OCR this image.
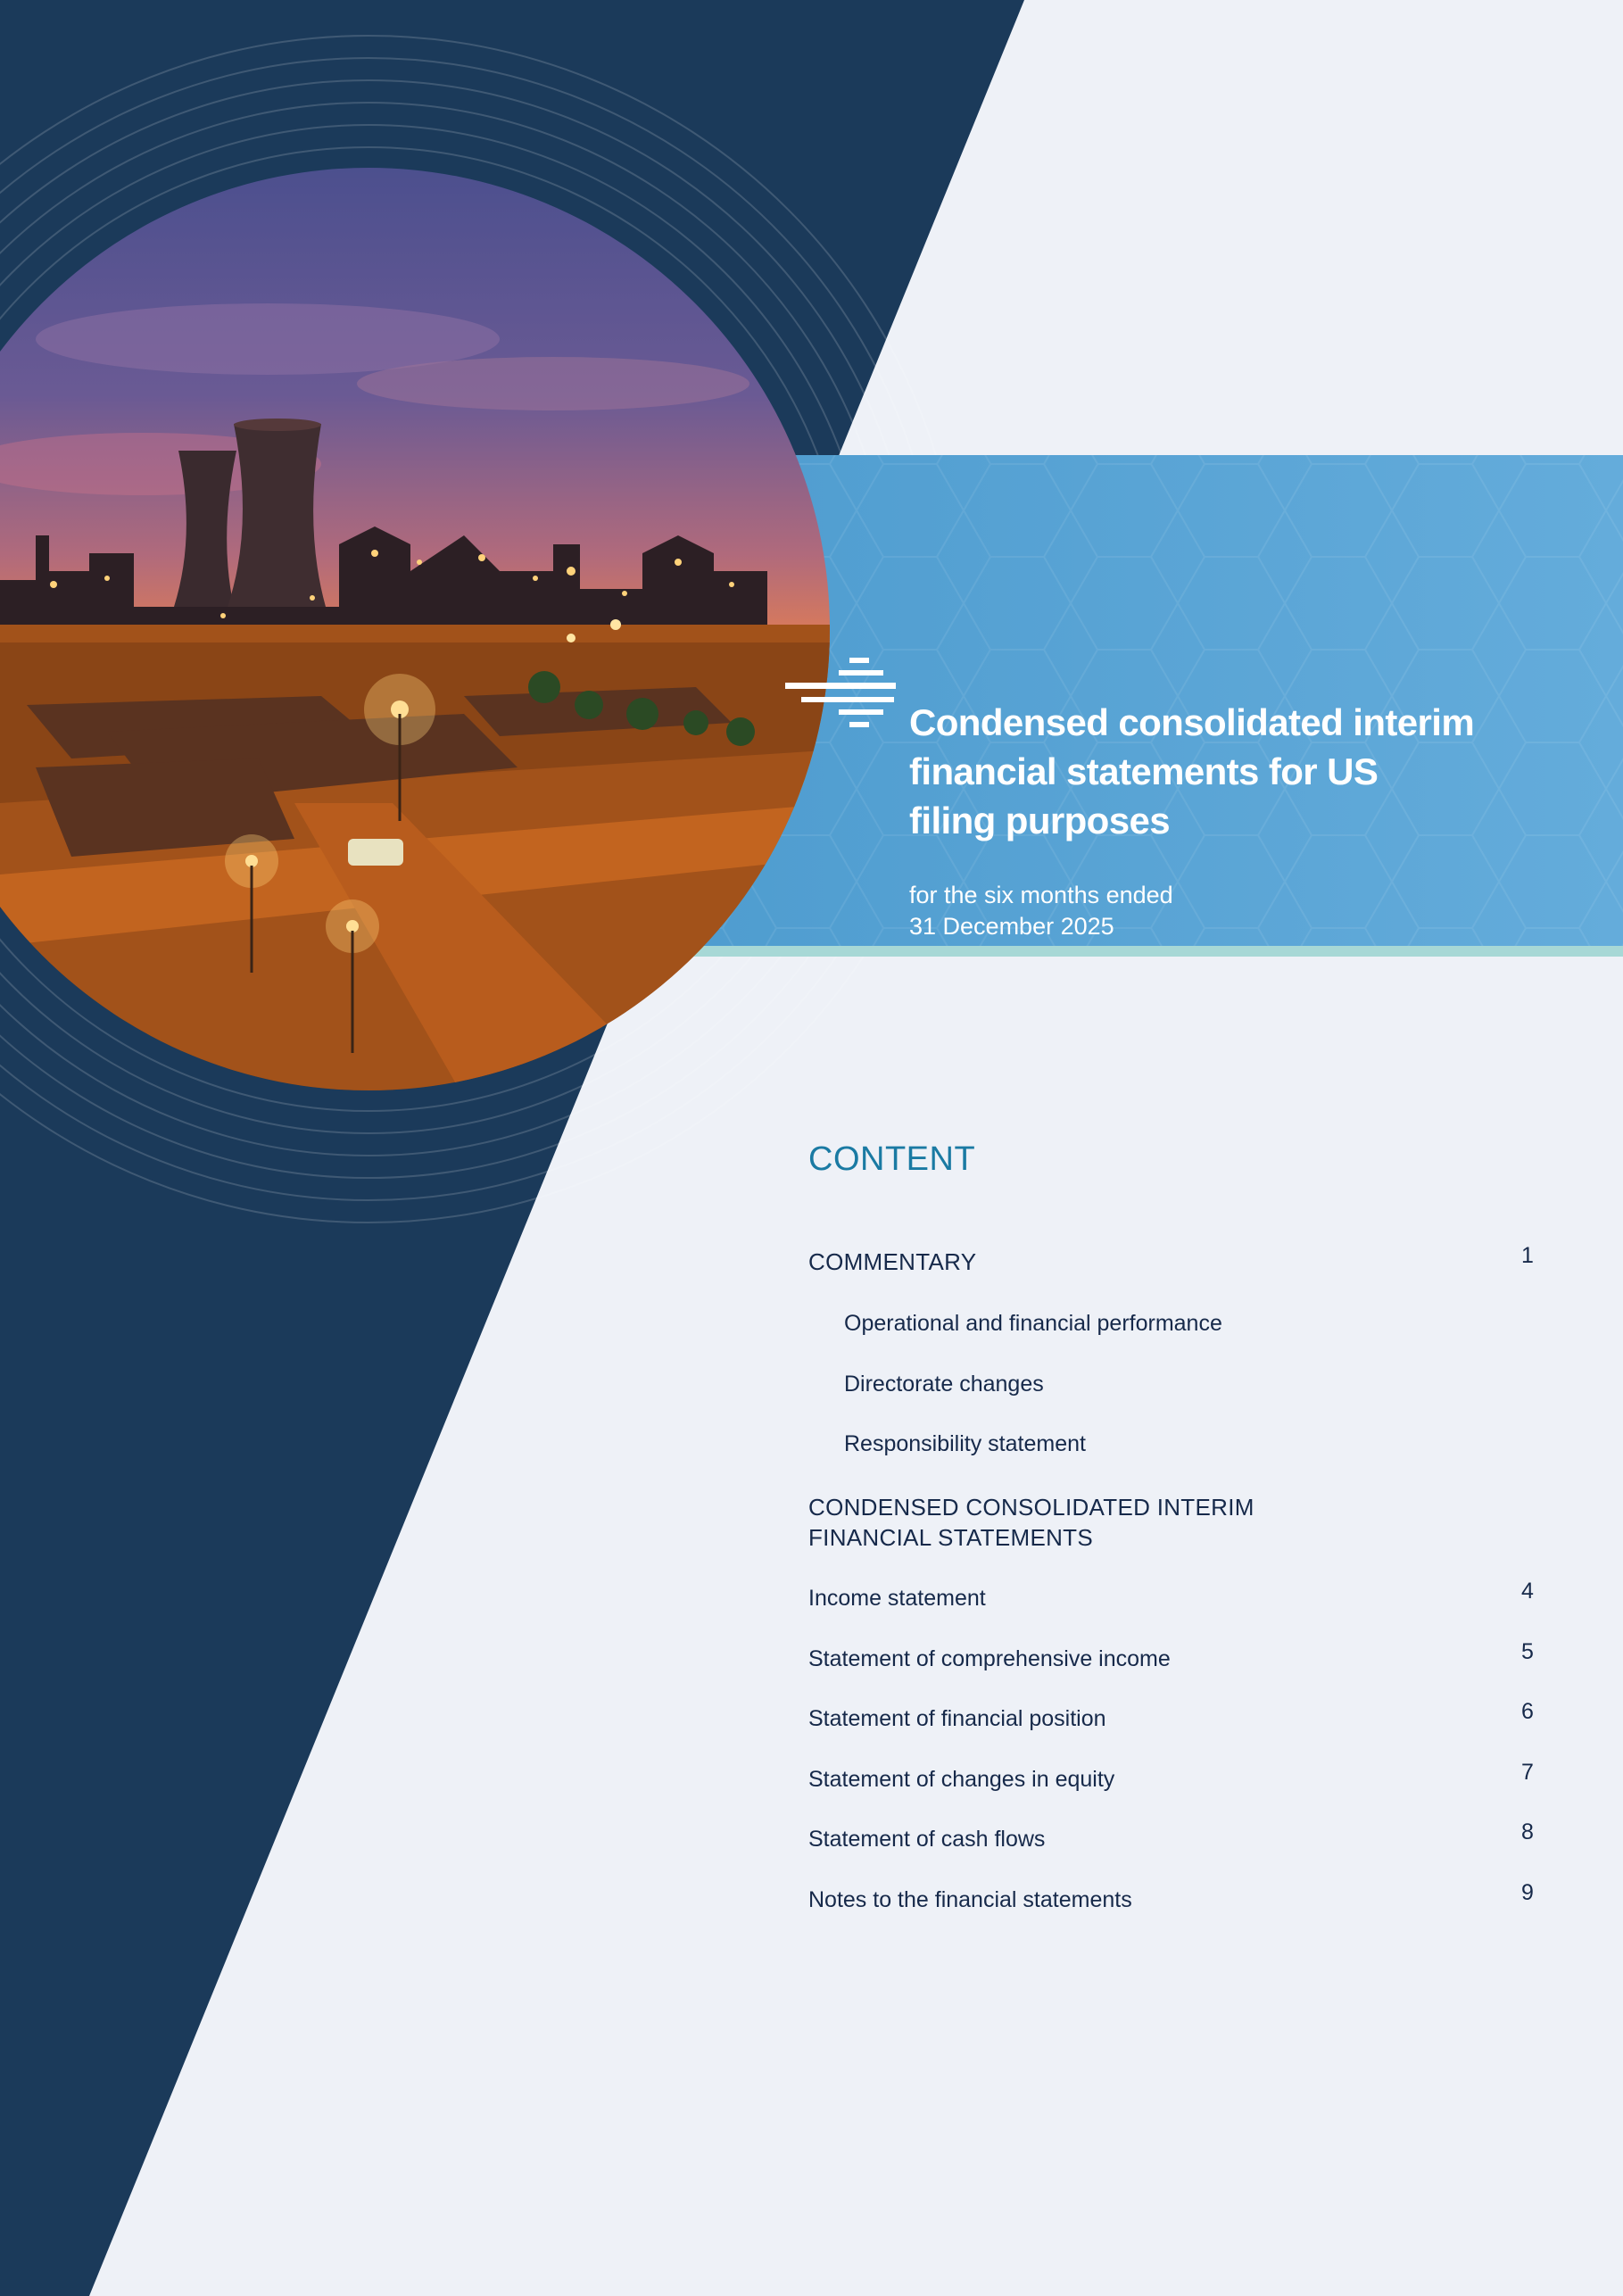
Condensed consolidated interim
financial statements for US
filing purposes
for the six months ended
31 December 2025
CONTENT
COMMENTARY	1
Operational and financial performance
Directorate changes
Responsibility statement
CONDENSED CONSOLIDATED INTERIM
FINANCIAL STATEMENTS
Income statement	4
Statement of comprehensive income	5
Statement of financial position	6
Statement of changes in equity	7
Statement of cash flows	8
Notes to the financial statements	9
